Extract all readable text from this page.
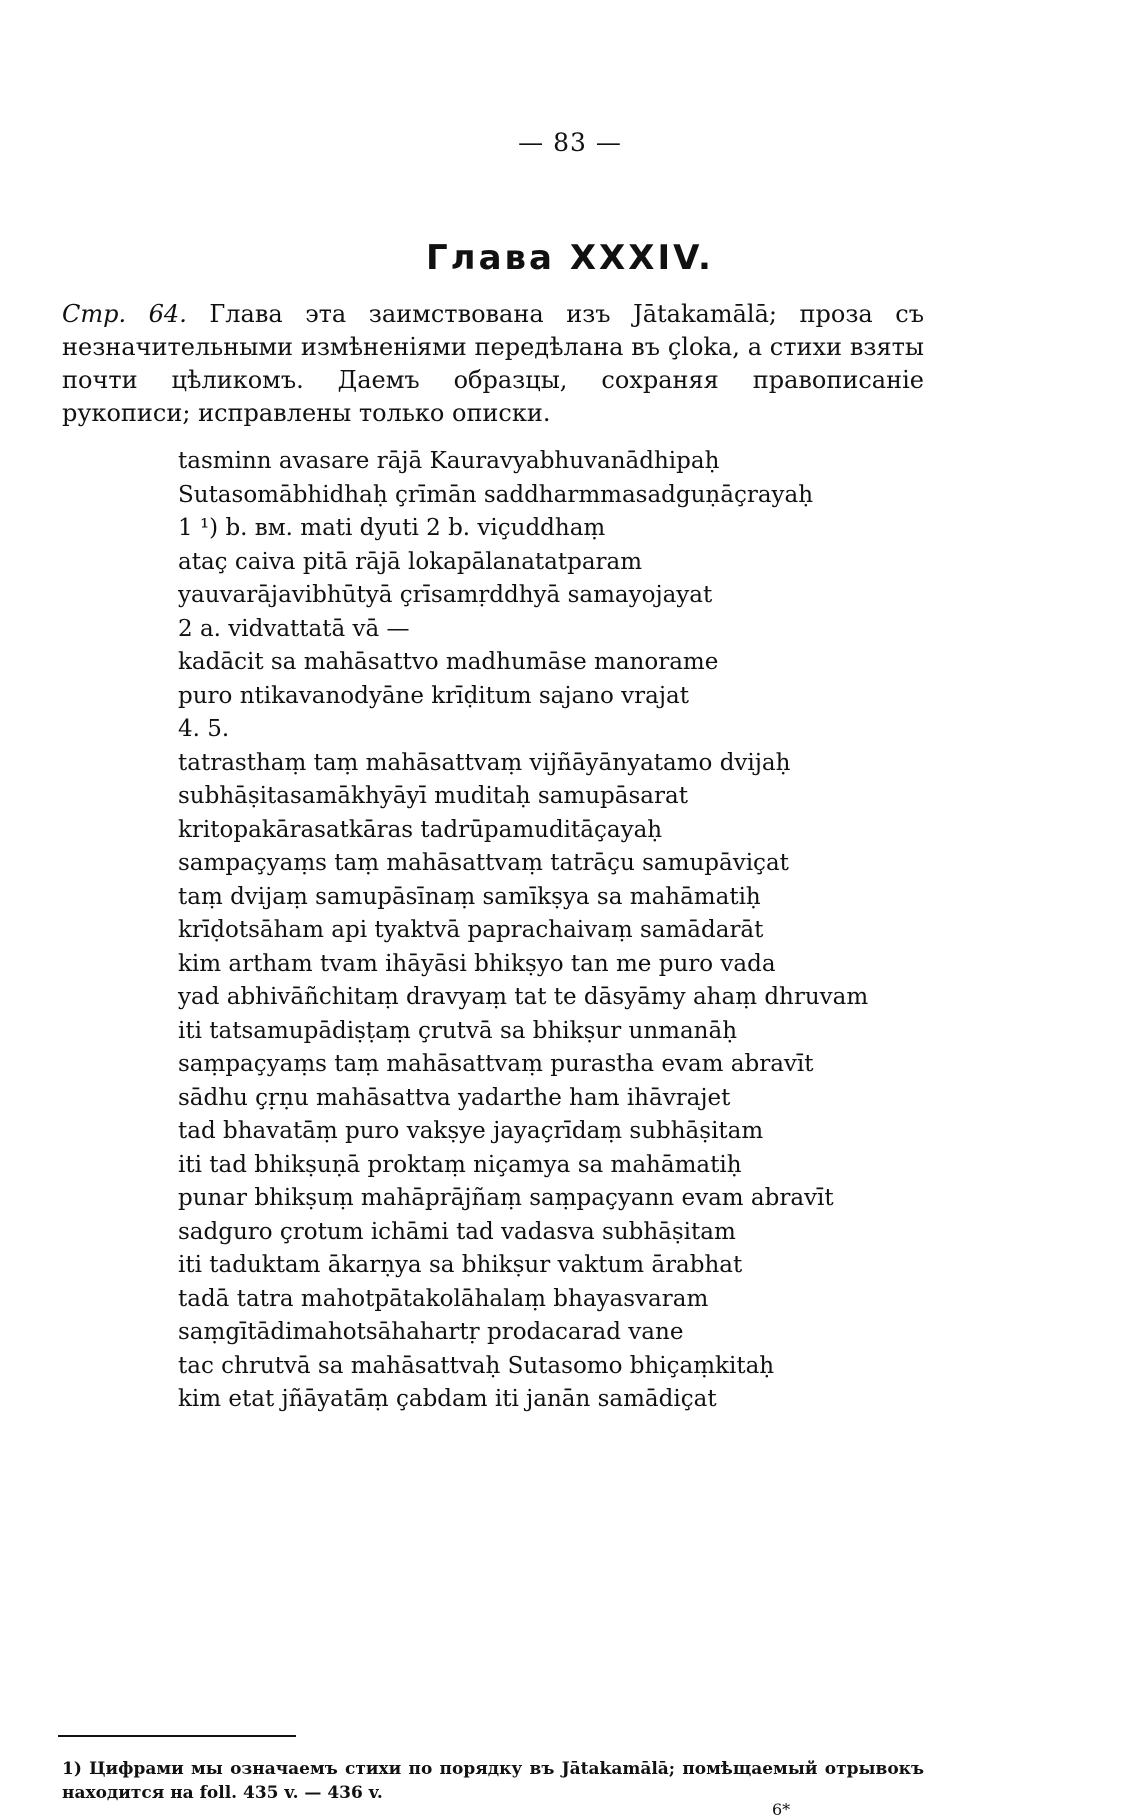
— 83 —
Глава XXXIV.
Стр. 64. Глава эта заимствована изъ Jātakamālā; проза съ незначительными измѣненіями передѣлана въ çloka, а стихи взяты почти цѣликомъ. Даемъ образцы, сохраняя правописаніе рукописи; исправлены только описки.
tasminn avasare rājā Kauravyabhuvanādhipaḥ
Sutasomābhidhaḥ çrīmān saddharmmasadguṇāçrayaḥ
1 ¹) b. вм. mati dyuti 2 b. viçuddhaṃ
ataç caiva pitā rājā lokapālanatatparam
yauvarājavibhūtyā çrīsamṛddhyā samayojayat
2 a. vidvattatā vā —
kadācit sa mahāsattvo madhumāse manorame
puro ntikavanodyāne krīḍitum sajano vrajat
4. 5.
tatrasthaṃ taṃ mahāsattvaṃ vijñāyānyatamo dvijaḥ
subhāṣitasamākhyāyī muditaḥ samupāsarat
kritopakārasatkāras tadrūpamuditāçayaḥ
sampaçyaṃs taṃ mahāsattvaṃ tatrāçu samupāviçat
taṃ dvijaṃ samupāsīnaṃ samīkṣya sa mahāmatiḥ
krīḍotsāham api tyaktvā paprachaivaṃ samādarāt
kim artham tvam ihāyāsi bhikṣyo tan me puro vada
yad abhivāñchitaṃ dravyaṃ tat te dāsyāmy ahaṃ dhruvam
iti tatsamupādiṣṭaṃ çrutvā sa bhikṣur unmanāḥ
saṃpaçyaṃs taṃ mahāsattvaṃ purastha evam abravīt
sādhu çṛṇu mahāsattva yadarthe ham ihāvrajet
tad bhavatāṃ puro vakṣye jayaçrīdaṃ subhāṣitam
iti tad bhikṣuṇā proktaṃ niçamya sa mahāmatiḥ
punar bhikṣuṃ mahāprājñaṃ saṃpaçyann evam abravīt
sadguro çrotum ichāmi tad vadasva subhāṣitam
iti taduktam ākarṇya sa bhikṣur vaktum ārabhat
tadā tatra mahotpātakolāhalaṃ bhayasvaram
saṃgītādimahotsāhahartṛ prodacarad vane
tac chrutvā sa mahāsattvaḥ Sutasomo bhiçaṃkitaḥ
kim etat jñāyatāṃ çabdam iti janān samādiçat
1) Цифрами мы означаемъ стихи по порядку въ Jātakamālā; помѣщаемый отрывокъ находится на foll. 435 v. — 436 v.
6*
